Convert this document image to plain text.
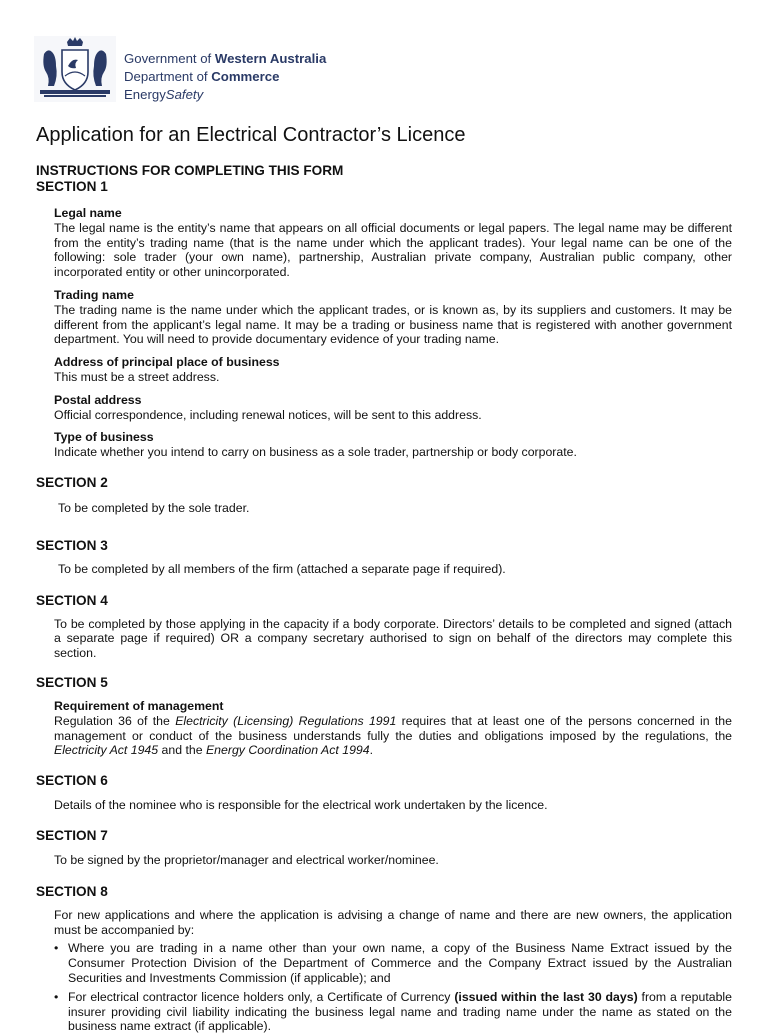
Government of Western Australia
Department of Commerce
EnergySafety
Application for an Electrical Contractor’s Licence
INSTRUCTIONS FOR COMPLETING THIS FORM
SECTION 1
Legal name

The legal name is the entity’s name that appears on all official documents or legal papers. The legal name may be different from the entity’s trading name (that is the name under which the applicant trades). Your legal name can be one of the following: sole trader (your own name), partnership, Australian private company, Australian public company, other incorporated entity or other unincorporated.

Trading name

The trading name is the name under which the applicant trades, or is known as, by its suppliers and customers. It may be different from the applicant’s legal name. It may be a trading or business name that is registered with another government department. You will need to provide documentary evidence of your trading name.

Address of principal place of business

This must be a street address.

Postal address

Official correspondence, including renewal notices, will be sent to this address.

Type of business

Indicate whether you intend to carry on business as a sole trader, partnership or body corporate.

SECTION 2
To be completed by the sole trader.
SECTION 3
To be completed by all members of the firm (attached a separate page if required).
SECTION 4
To be completed by those applying in the capacity if a body corporate. Directors’ details to be completed and signed (attach a separate page if required) OR a company secretary authorised to sign on behalf of the directors may complete this section.
SECTION 5
Requirement of management

Regulation 36 of the Electricity (Licensing) Regulations 1991 requires that at least one of the persons concerned in the management or conduct of the business understands fully the duties and obligations imposed by the regulations, the Electricity Act 1945 and the Energy Coordination Act 1994.

SECTION 6
Details of the nominee who is responsible for the electrical work undertaken by the licence.
SECTION 7
To be signed by the proprietor/manager and electrical worker/nominee.
SECTION 8
For new applications and where the application is advising a change of name and there are new owners, the application must be accompanied by:
• Where you are trading in a name other than your own name, a copy of the Business Name Extract issued by the Consumer Protection Division of the Department of Commerce and the Company Extract issued by the Australian Securities and Investments Commission (if applicable); and
• For electrical contractor licence holders only, a Certificate of Currency (issued within the last 30 days) from a reputable insurer providing civil liability indicating the business legal name and trading name under the name as stated on the business name extract (if applicable).
